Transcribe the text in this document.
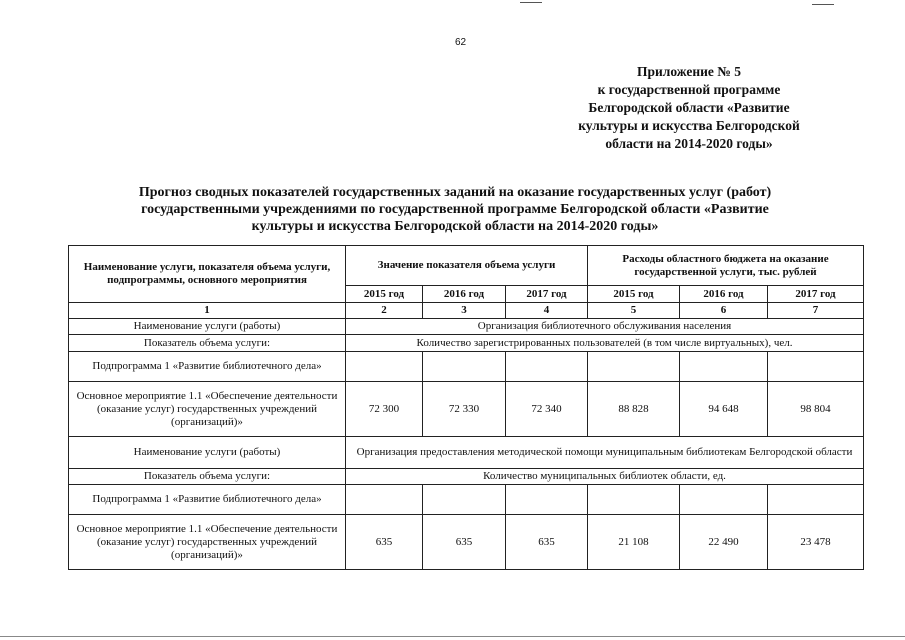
62
Приложение № 5
к государственной программе
Белгородской области «Развитие
культуры и искусства Белгородской
области на 2014-2020 годы»
Прогноз сводных показателей государственных заданий на оказание государственных услуг (работ)
государственными учреждениями по государственной программе Белгородской области «Развитие
культуры и искусства Белгородской области на 2014-2020 годы»
Наименование услуги, показателя объема услуги, подпрограммы, основного мероприятия	Значение показателя объема услуги			Расходы областного бюджета на оказание государственной услуги, тыс. рублей		
	2015 год	2016 год	2017 год	2015 год	2016 год	2017 год
1	2	3	4	5	6	7
Наименование услуги (работы)	Организация библиотечного обслуживания населения					
Показатель объема услуги:	Количество зарегистрированных пользователей (в том числе виртуальных), чел.					
Подпрограмма 1 «Развитие библиотечного дела»						
Основное мероприятие 1.1 «Обеспечение деятельности (оказание услуг) государственных учреждений (организаций)»	72 300	72 330	72 340	88 828	94 648	98 804
Наименование услуги (работы)	Организация предоставления методической помощи муниципальным библиотекам Белгородской области					
Показатель объема услуги:	Количество муниципальных библиотек области, ед.					
Подпрограмма 1 «Развитие библиотечного дела»						
Основное мероприятие 1.1 «Обеспечение деятельности (оказание услуг) государственных учреждений (организаций)»	635	635	635	21 108	22 490	23 478
